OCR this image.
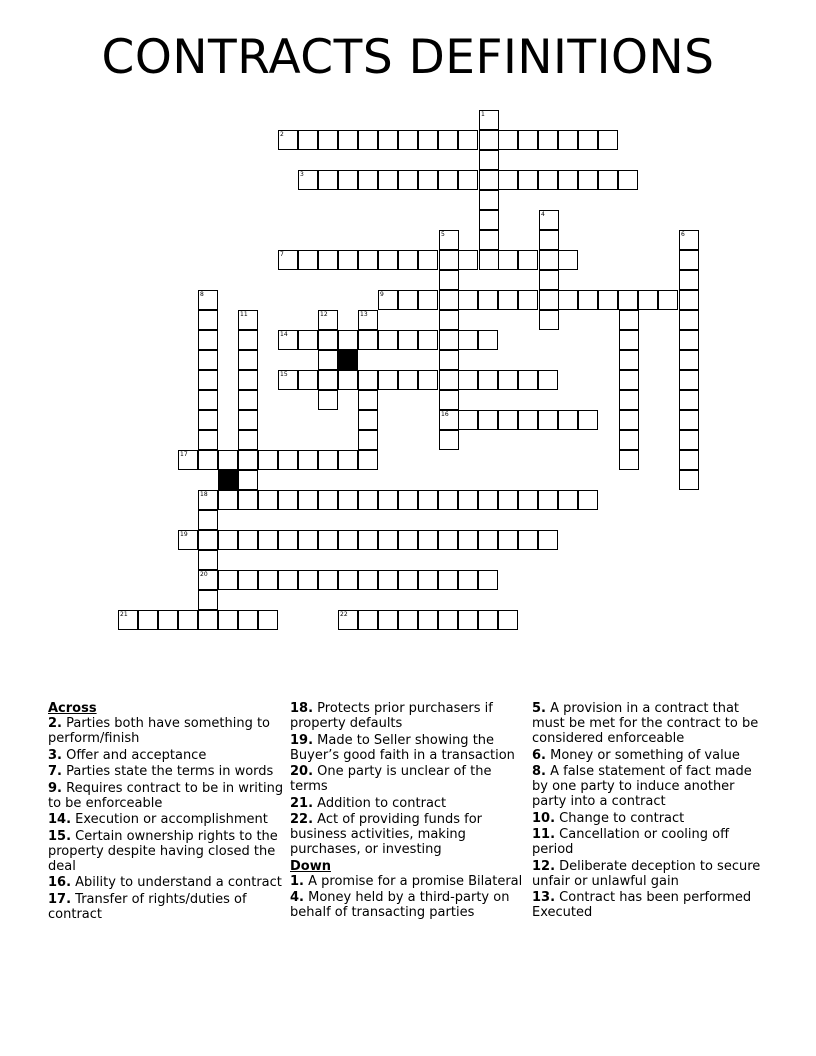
CONTRACTS DEFINITIONS
1
2
3
4
5
16
6
7
8	9
11	12	13
14
15
17
18
19
20
21	22
Across
2. Parties both have something to perform/finish
3. Offer and acceptance
7. Parties state the terms in words
9. Requires contract to be in writing to be enforceable
14. Execution or accomplishment
15. Certain ownership rights to the property despite having closed the deal
16. Ability to understand a contract
17. Transfer of rights/duties of contract
18. Protects prior purchasers if property defaults
19. Made to Seller showing the Buyer’s good faith in a transaction
20. One party is unclear of the terms
21. Addition to contract
22. Act of providing funds for business activities, making purchases, or investing
Down
1. A promise for a promise Bilateral
4. Money held by a third-party on behalf of transacting parties
5. A provision in a contract that must be met for the contract to be considered enforceable
6. Money or something of value
8. A false statement of fact made by one party to induce another party into a contract
10. Change to contract
11. Cancellation or cooling off period
12. Deliberate deception to secure unfair or unlawful gain
13. Contract has been performed Executed
